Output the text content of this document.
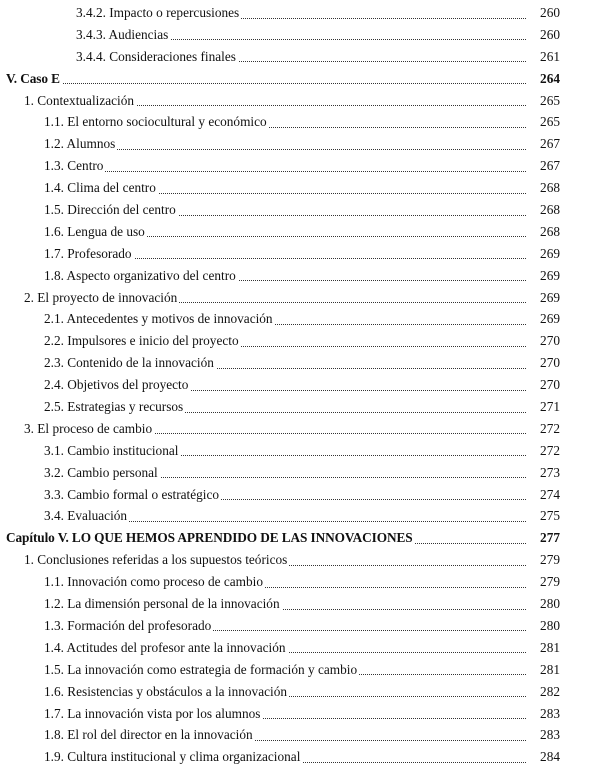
3.4.2. Impacto o repercusiones	260
3.4.3. Audiencias	260
3.4.4. Consideraciones finales	261
V. Caso E	264
1. Contextualización	265
1.1. El entorno sociocultural y económico	265
1.2. Alumnos	267
1.3. Centro	267
1.4. Clima del centro	268
1.5. Dirección del centro	268
1.6. Lengua de uso	268
1.7. Profesorado	269
1.8. Aspecto organizativo del centro	269
2. El proyecto de innovación	269
2.1. Antecedentes y motivos de innovación	269
2.2. Impulsores e inicio del proyecto	270
2.3. Contenido de la innovación	270
2.4. Objetivos del proyecto	270
2.5. Estrategias y recursos	271
3. El proceso de cambio	272
3.1. Cambio institucional	272
3.2. Cambio personal	273
3.3. Cambio formal o estratégico	274
3.4. Evaluación	275
Capítulo V. LO QUE HEMOS APRENDIDO DE LAS INNOVACIONES	277
1. Conclusiones referidas a los supuestos teóricos	279
1.1. Innovación como proceso de cambio	279
1.2. La dimensión personal de la innovación	280
1.3. Formación del profesorado	280
1.4. Actitudes del profesor ante la innovación	281
1.5. La innovación como estrategia de formación y cambio	281
1.6. Resistencias y obstáculos a la innovación	282
1.7. La innovación vista por los alumnos	283
1.8. El rol del director en la innovación	283
1.9. Cultura institucional y clima organizacional	284
